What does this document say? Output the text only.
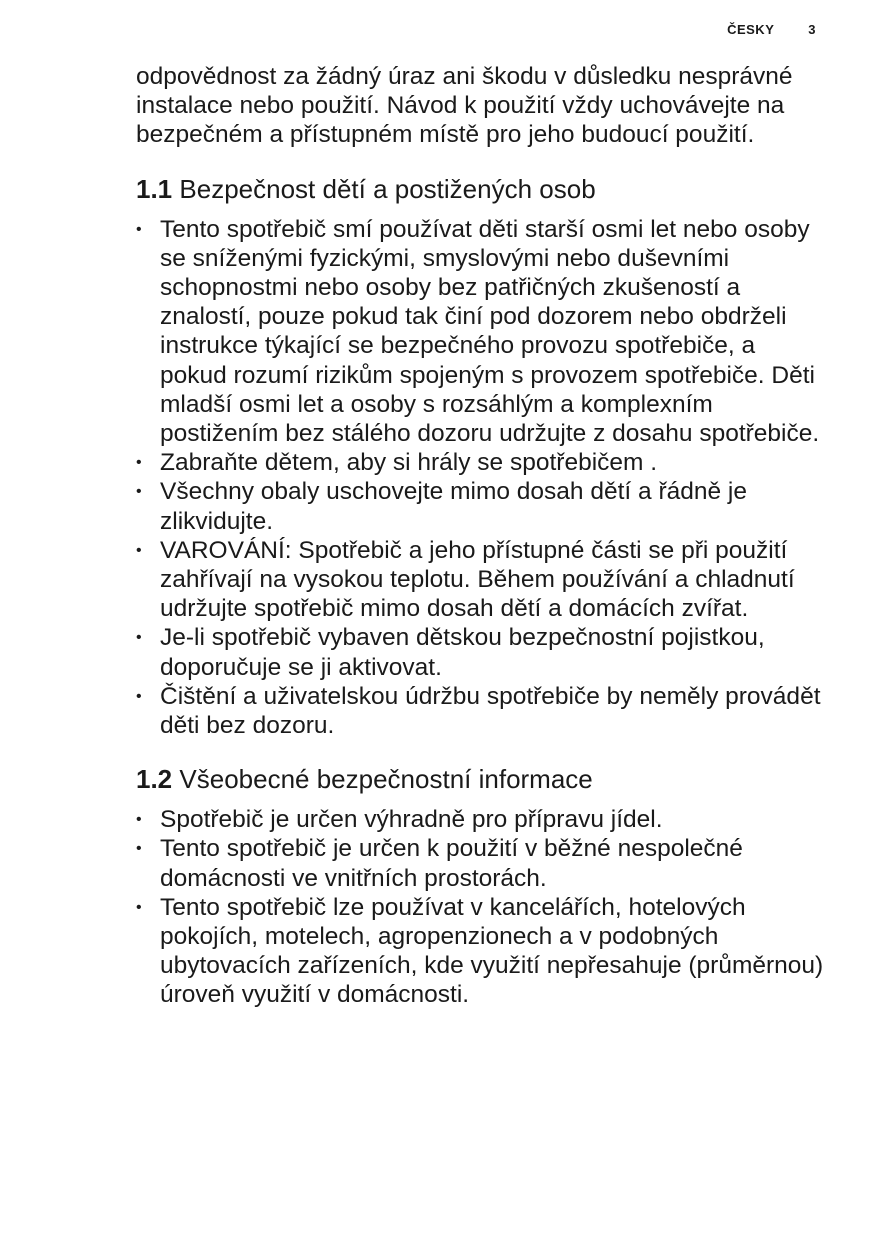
ČESKY	3

odpovědnost za žádný úraz ani škodu v důsledku nesprávné instalace nebo použití. Návod k použití vždy uchovávejte na bezpečném a přístupném místě pro jeho budoucí použití.

1.1 Bezpečnost dětí a postižených osob
• Tento spotřebič smí používat děti starší osmi let nebo osoby se sníženými fyzickými, smyslovými nebo duševními schopnostmi nebo osoby bez patřičných zkušeností a znalostí, pouze pokud tak činí pod dozorem nebo obdrželi instrukce týkající se bezpečného provozu spotřebiče, a pokud rozumí rizikům spojeným s provozem spotřebiče. Děti mladší osmi let a osoby s rozsáhlým a komplexním postižením bez stálého dozoru udržujte z dosahu spotřebiče.
• Zabraňte dětem, aby si hrály se spotřebičem .
• Všechny obaly uschovejte mimo dosah dětí a řádně je zlikvidujte.
• VAROVÁNÍ: Spotřebič a jeho přístupné části se při použití zahřívají na vysokou teplotu. Během používání a chladnutí udržujte spotřebič mimo dosah dětí a domácích zvířat.
• Je-li spotřebič vybaven dětskou bezpečnostní pojistkou, doporučuje se ji aktivovat.
• Čištění a uživatelskou údržbu spotřebiče by neměly provádět děti bez dozoru.
1.2 Všeobecné bezpečnostní informace
• Spotřebič je určen výhradně pro přípravu jídel.
• Tento spotřebič je určen k použití v běžné nespolečné domácnosti ve vnitřních prostorách.
• Tento spotřebič lze používat v kancelářích, hotelových pokojích, motelech, agropenzionech a v podobných ubytovacích zařízeních, kde využití nepřesahuje (průměrnou) úroveň využití v domácnosti.
